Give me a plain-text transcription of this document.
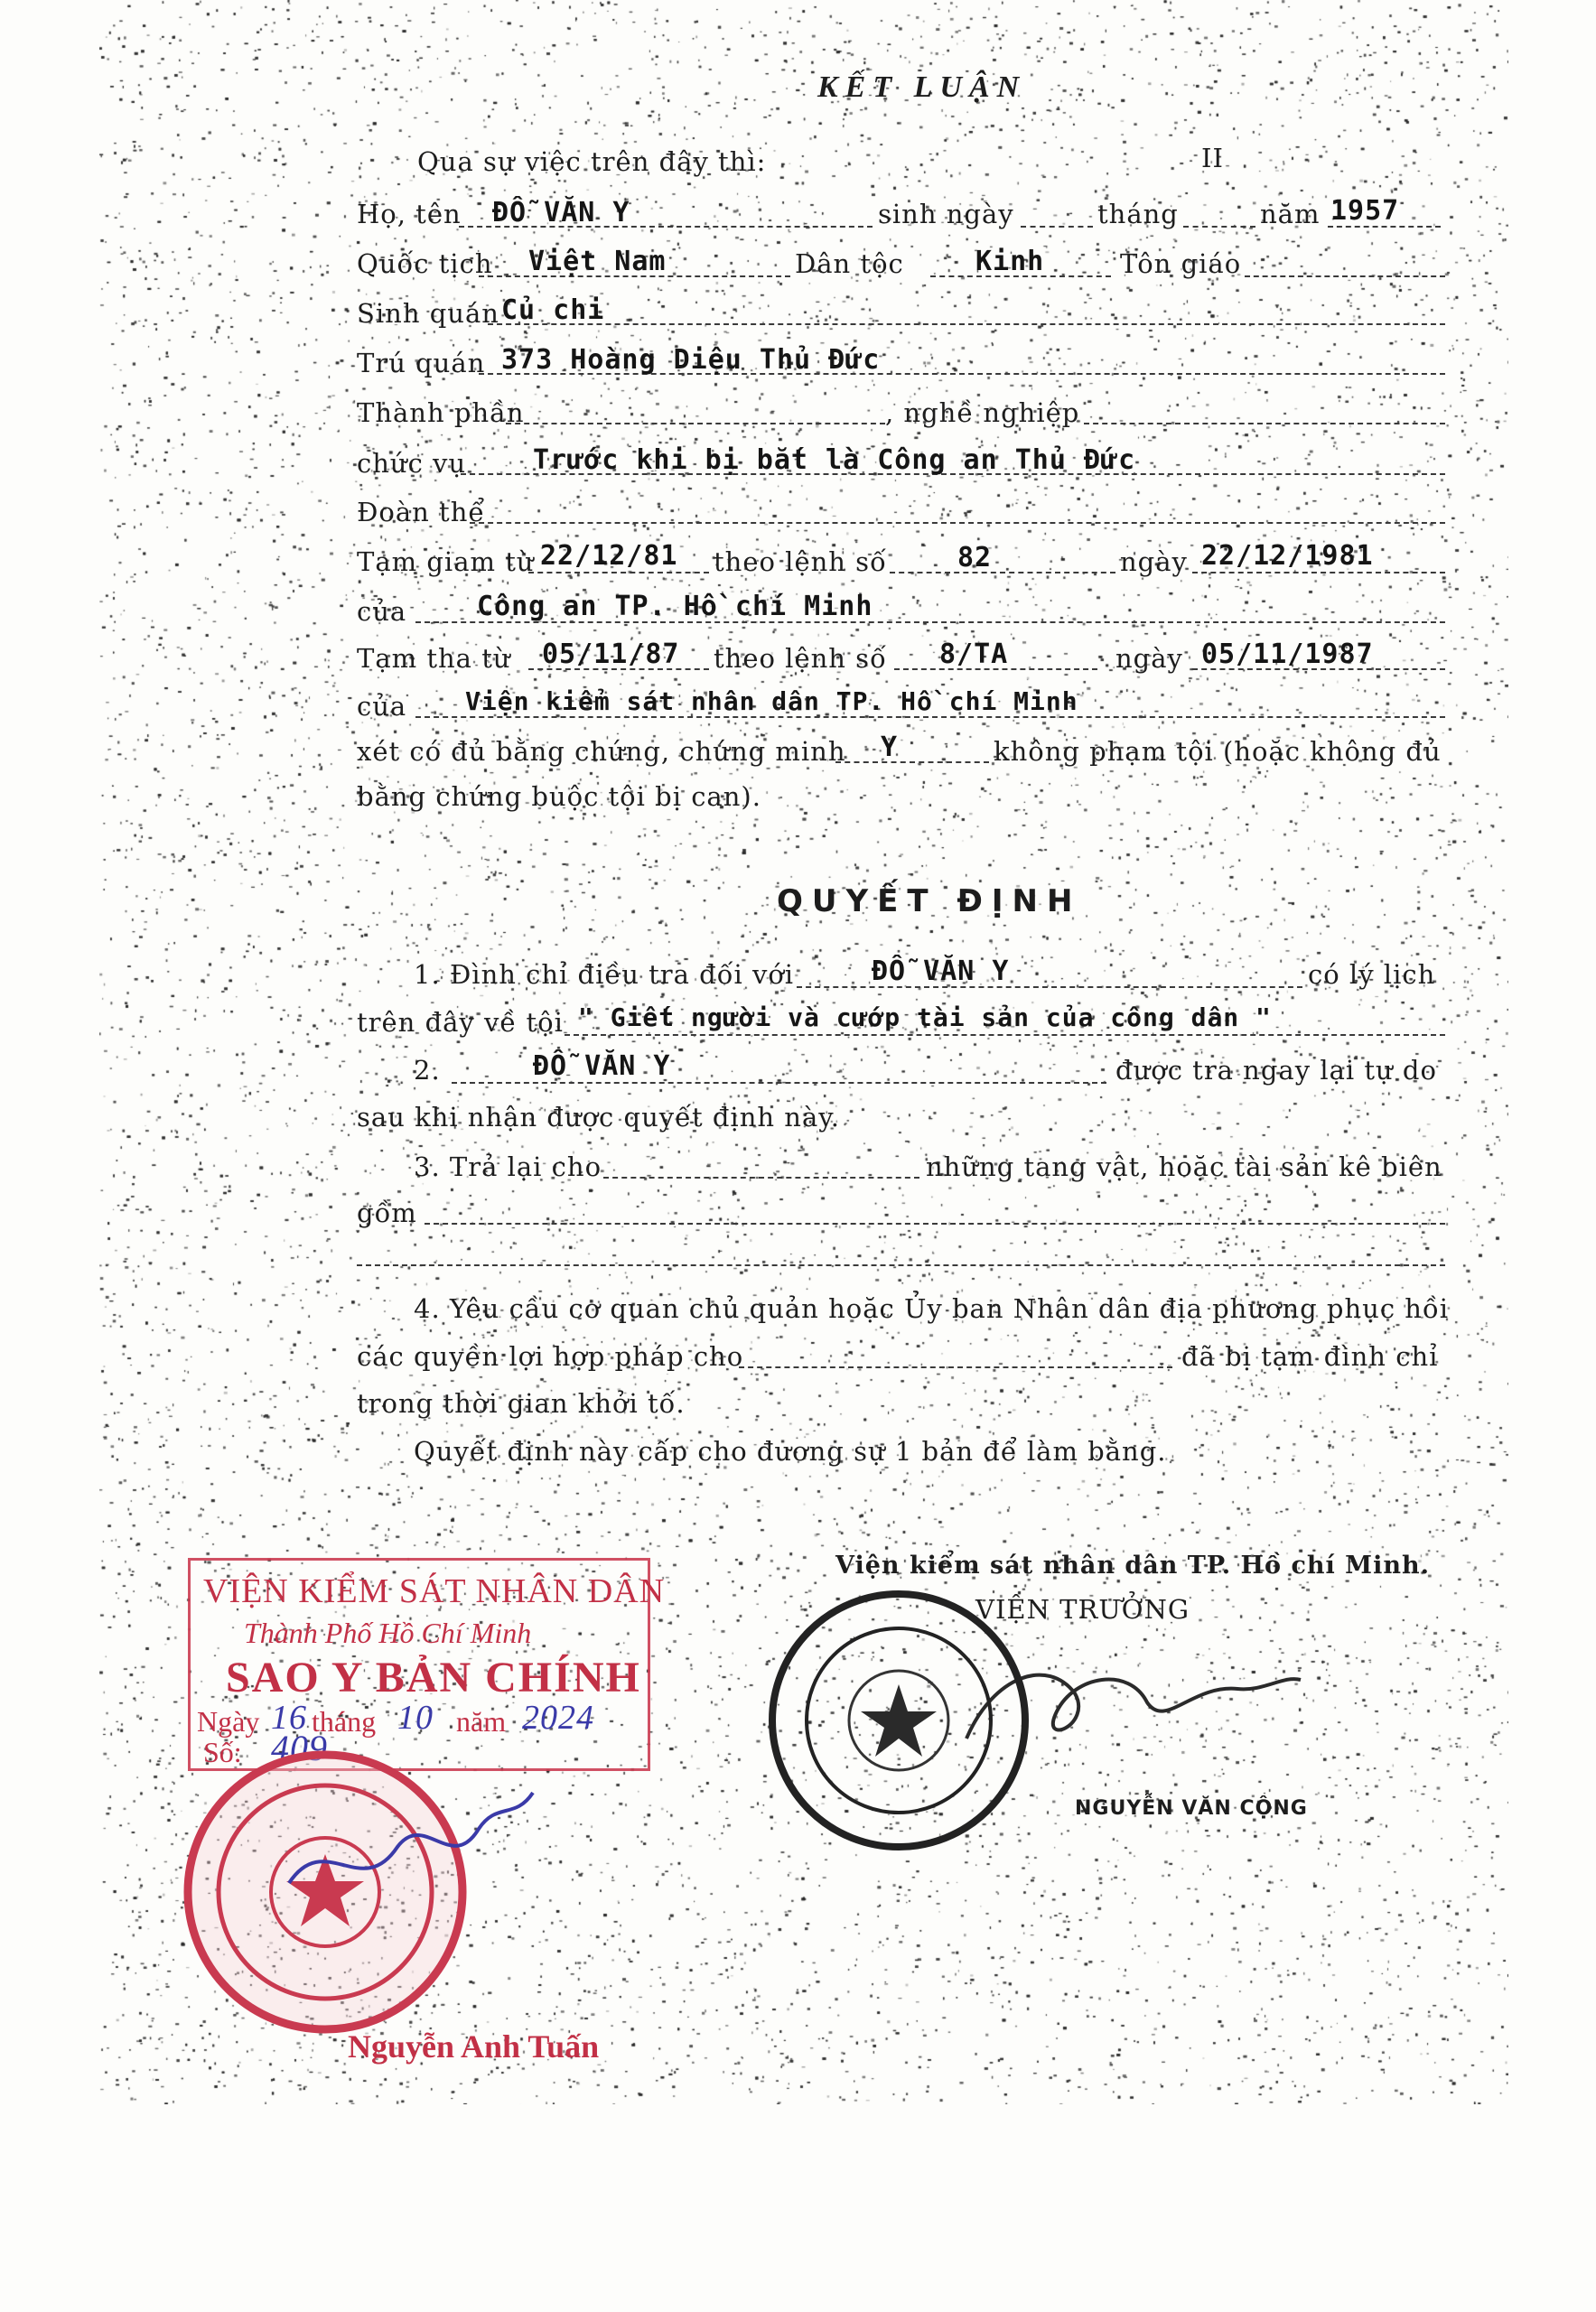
KẾT LUẬN
Qua sự việc trên đây thì:	II
Họ, tên ĐỖ VĂN Y	sinh ngày	tháng	năm 1957
Quốc tịch Việt Nam	Dân tộc	Kinh	Tôn giáo
Sinh quán Củ chi
Trú quán 373 Hoàng Diệu Thủ Đức
Thành phần	, nghề nghiệp
chức vụ Trước khi bị bắt là Công an Thủ Đức
Đoàn thể
Tạm giam từ 22/12/81 theo lệnh số	82	ngày 22/12/1981
của	Công an TP. Hồ chí Minh
Tạm tha từ 05/11/87 theo lệnh số 8/TA	ngày 05/11/1987
của Viện kiểm sát nhân dân TP. Hồ chí Minh
xét có đủ bằng chứng, chứng minh Y	không phạm tội (hoặc không đủ
bằng chứng buộc tội bị can).
QUYẾT ĐỊNH
1. Đình chỉ điều tra đối với	ĐỖ VĂN Y	có lý lịch
trên đây về tội " Giết người và cướp tài sản của công dân "
2.	ĐỖ VĂN Y	được tra ngay lại tự do
sau khi nhận được quyết định này.
3. Trả lại cho	những tang vật, hoặc tài sản kê biên
gồm
4. Yêu cầu cơ quan chủ quản hoặc Ủy ban Nhân dân địa phương phục hồi
các quyền lợi hợp pháp cho	đã bị tạm đình chỉ
trong thời gian khởi tố.
Quyết định này cấp cho đương sự 1 bản để làm bằng.
Viện kiểm sát nhân dân TP. Hồ chí Minh.
VIỆN TRƯỞNG
NGUYỄN VĂN CỘNG
VIỆN KIỂM SÁT NHÂN DÂN
Thành Phố Hồ Chí Minh
SAO Y BẢN CHÍNH
Ngày 16 tháng 10 năm 2024
Số: 409
Nguyễn Anh Tuấn
